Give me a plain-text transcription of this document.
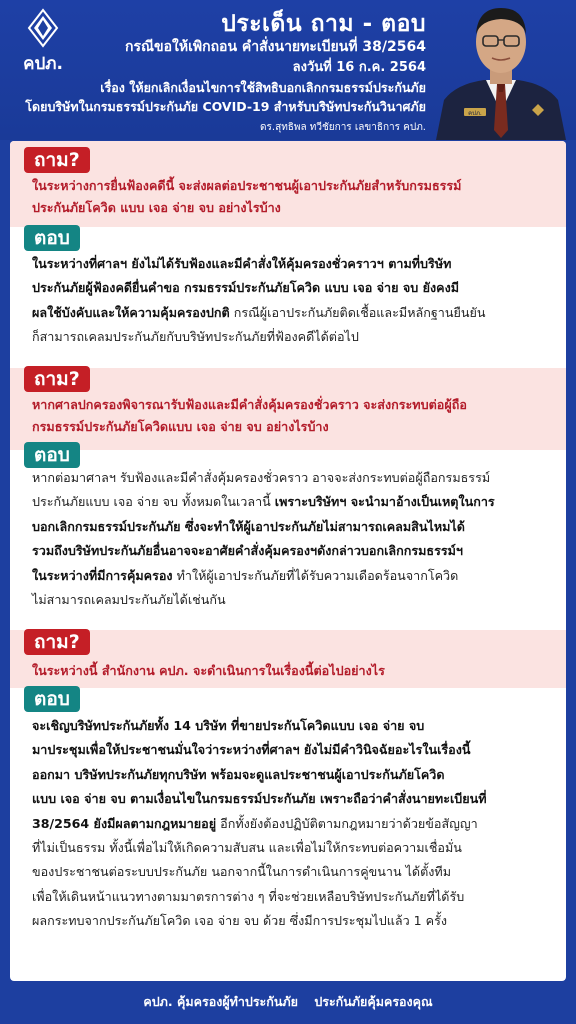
คปภ.
ประเด็น ถาม - ตอบ
กรณีขอให้เพิกถอน คำสั่งนายทะเบียนที่ 38/2564
ลงวันที่ 16 ก.ค. 2564
เรื่อง ให้ยกเลิกเงื่อนไขการใช้สิทธิบอกเลิกกรมธรรม์ประกันภัย
โดยบริษัทในกรมธรรม์ประกันภัย COVID-19 สำหรับบริษัทประกันวินาศภัย
ดร.สุทธิพล ทวีชัยการ เลขาธิการ คปภ.
คปภ.
ถาม?
ในระหว่างการยื่นฟ้องคดีนี้ จะส่งผลต่อประชาชนผู้เอาประกันภัยสำหรับกรมธรรม์
ประกันภัยโควิด แบบ เจอ จ่าย จบ อย่างไรบ้าง
ตอบ
ในระหว่างที่ศาลฯ ยังไม่ได้รับฟ้องและมีคำสั่งให้คุ้มครองชั่วคราวฯ ตามที่บริษัท
ประกันภัยผู้ฟ้องคดียื่นคำขอ กรมธรรม์ประกันภัยโควิด แบบ เจอ จ่าย จบ ยังคงมี
ผลใช้บังคับและให้ความคุ้มครองปกติ กรณีผู้เอาประกันภัยติดเชื้อและมีหลักฐานยืนยัน
ก็สามารถเคลมประกันภัยกับบริษัทประกันภัยที่ฟ้องคดีได้ต่อไป
ถาม?
หากศาลปกครองพิจารณารับฟ้องและมีคำสั่งคุ้มครองชั่วคราว จะส่งกระทบต่อผู้ถือ
กรมธรรม์ประกันภัยโควิดแบบ เจอ จ่าย จบ อย่างไรบ้าง
ตอบ
หากต่อมาศาลฯ รับฟ้องและมีคำสั่งคุ้มครองชั่วคราว อาจจะส่งกระทบต่อผู้ถือกรมธรรม์
ประกันภัยแบบ เจอ จ่าย จบ ทั้งหมดในเวลานี้ เพราะบริษัทฯ จะนำมาอ้างเป็นเหตุในการ
บอกเลิกกรมธรรม์ประกันภัย ซึ่งจะทำให้ผู้เอาประกันภัยไม่สามารถเคลมสินไหมได้
รวมถึงบริษัทประกันภัยอื่นอาจจะอาศัยคำสั่งคุ้มครองฯดังกล่าวบอกเลิกกรมธรรม์ฯ
ในระหว่างที่มีการคุ้มครอง ทำให้ผู้เอาประกันภัยที่ได้รับความเดือดร้อนจากโควิด
ไม่สามารถเคลมประกันภัยได้เช่นกัน
ถาม?
ในระหว่างนี้ สำนักงาน คปภ. จะดำเนินการในเรื่องนี้ต่อไปอย่างไร
ตอบ
จะเชิญบริษัทประกันภัยทั้ง 14 บริษัท ที่ขายประกันโควิดแบบ เจอ จ่าย จบ
มาประชุมเพื่อให้ประชาชนมั่นใจว่าระหว่างที่ศาลฯ ยังไม่มีคำวินิจฉัยอะไรในเรื่องนี้
ออกมา บริษัทประกันภัยทุกบริษัท พร้อมจะดูแลประชาชนผู้เอาประกันภัยโควิด
แบบ เจอ จ่าย จบ ตามเงื่อนไขในกรมธรรม์ประกันภัย เพราะถือว่าคำสั่งนายทะเบียนที่
38/2564 ยังมีผลตามกฎหมายอยู่ อีกทั้งยังต้องปฏิบัติตามกฎหมายว่าด้วยข้อสัญญา
ที่ไม่เป็นธรรม ทั้งนี้เพื่อไม่ให้เกิดความสับสน และเพื่อไม่ให้กระทบต่อความเชื่อมั่น
ของประชาชนต่อระบบประกันภัย นอกจากนี้ในการดำเนินการคู่ขนาน ได้ตั้งทีม
เพื่อให้เดินหน้าแนวทางตามมาตรการต่าง ๆ ที่จะช่วยเหลือบริษัทประกันภัยที่ได้รับ
ผลกระทบจากประกันภัยโควิด เจอ จ่าย จบ ด้วย ซึ่งมีการประชุมไปแล้ว 1 ครั้ง
คปภ. คุ้มครองผู้ทำประกันภัย ประกันภัยคุ้มครองคุณ
